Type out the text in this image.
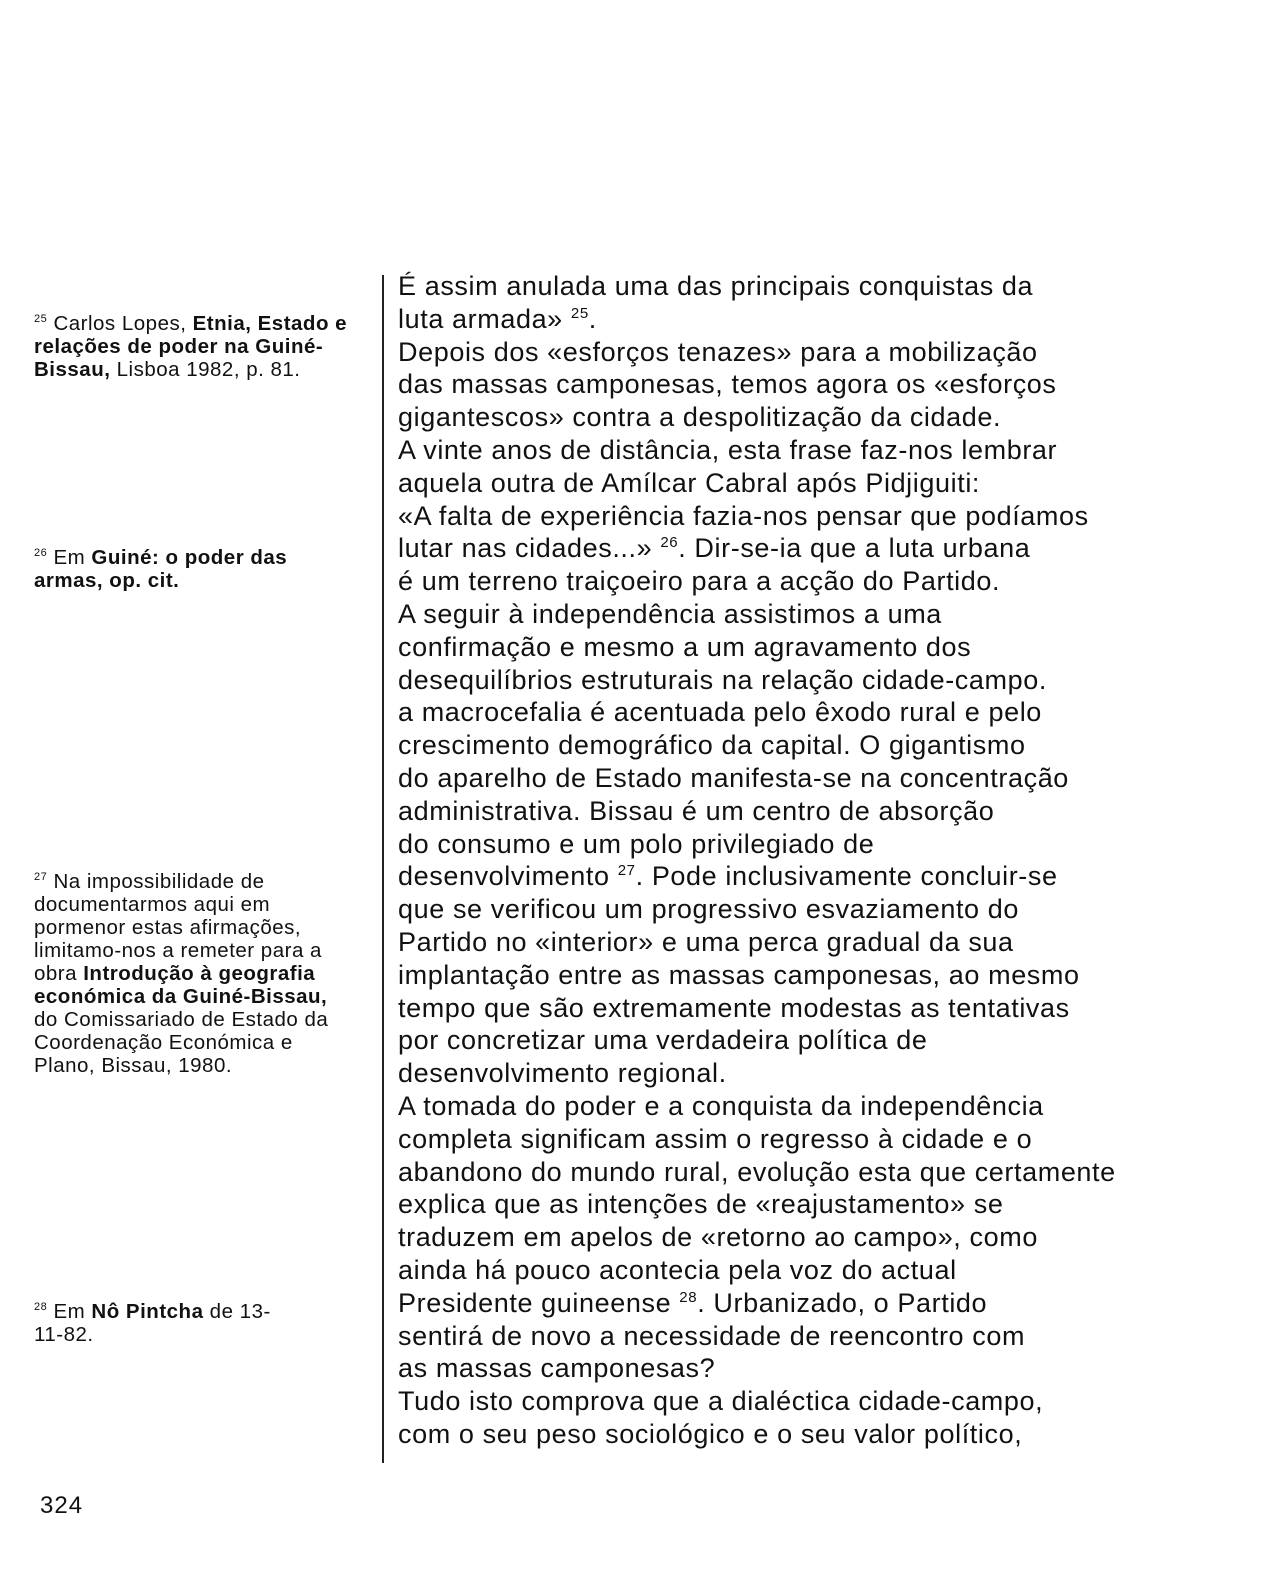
É assim anulada uma das principais conquistas da
luta armada» $^{25}$.
Depois dos «esforços tenazes» para a mobilização
das massas camponesas, temos agora os «esforços
gigantescos» contra a despolitização da cidade.
A vinte anos de distância, esta frase faz-nos lembrar
aquela outra de Amílcar Cabral após Pidjiguiti:
«A falta de experiência fazia-nos pensar que podíamos
lutar nas cidades...» $^{26}$. Dir-se-ia que a luta urbana
é um terreno traiçoeiro para a acção do Partido.
A seguir à independência assistimos a uma
confirmação e mesmo a um agravamento dos
desequilíbrios estruturais na relação cidade-campo.
a macrocefalia é acentuada pelo êxodo rural e pelo
crescimento demográfico da capital. O gigantismo
do aparelho de Estado manifesta-se na concentração
administrativa. Bissau é um centro de absorção
do consumo e um polo privilegiado de
desenvolvimento $^{27}$. Pode inclusivamente concluir-se
que se verificou um progressivo esvaziamento do
Partido no «interior» e uma perca gradual da sua
implantação entre as massas camponesas, ao mesmo
tempo que são extremamente modestas as tentativas
por concretizar uma verdadeira política de
desenvolvimento regional.
A tomada do poder e a conquista da independência
completa significam assim o regresso à cidade e o
abandono do mundo rural, evolução esta que certamente
explica que as intenções de «reajustamento» se
traduzem em apelos de «retorno ao campo», como
ainda há pouco acontecia pela voz do actual
Presidente guineense $^{28}$. Urbanizado, o Partido
sentirá de novo a necessidade de reencontro com
as massas camponesas?
Tudo isto comprova que a dialéctica cidade-campo,
com o seu peso sociológico e o seu valor político,
$^{25}$ Carlos Lopes, Etnia, Estado e relações de poder na Guiné-Bissau, Lisboa 1982, p. 81.
$^{26}$ Em Guiné: o poder das armas, op. cit.
$^{27}$ Na impossibilidade de documentarmos aqui em pormenor estas afirmações, limitamo-nos a remeter para a obra Introdução à geografia económica da Guiné-Bissau, do Comissariado de Estado da Coordenação Económica e Plano, Bissau, 1980.
$^{28}$ Em Nô Pintcha de 13-11-82.
324
